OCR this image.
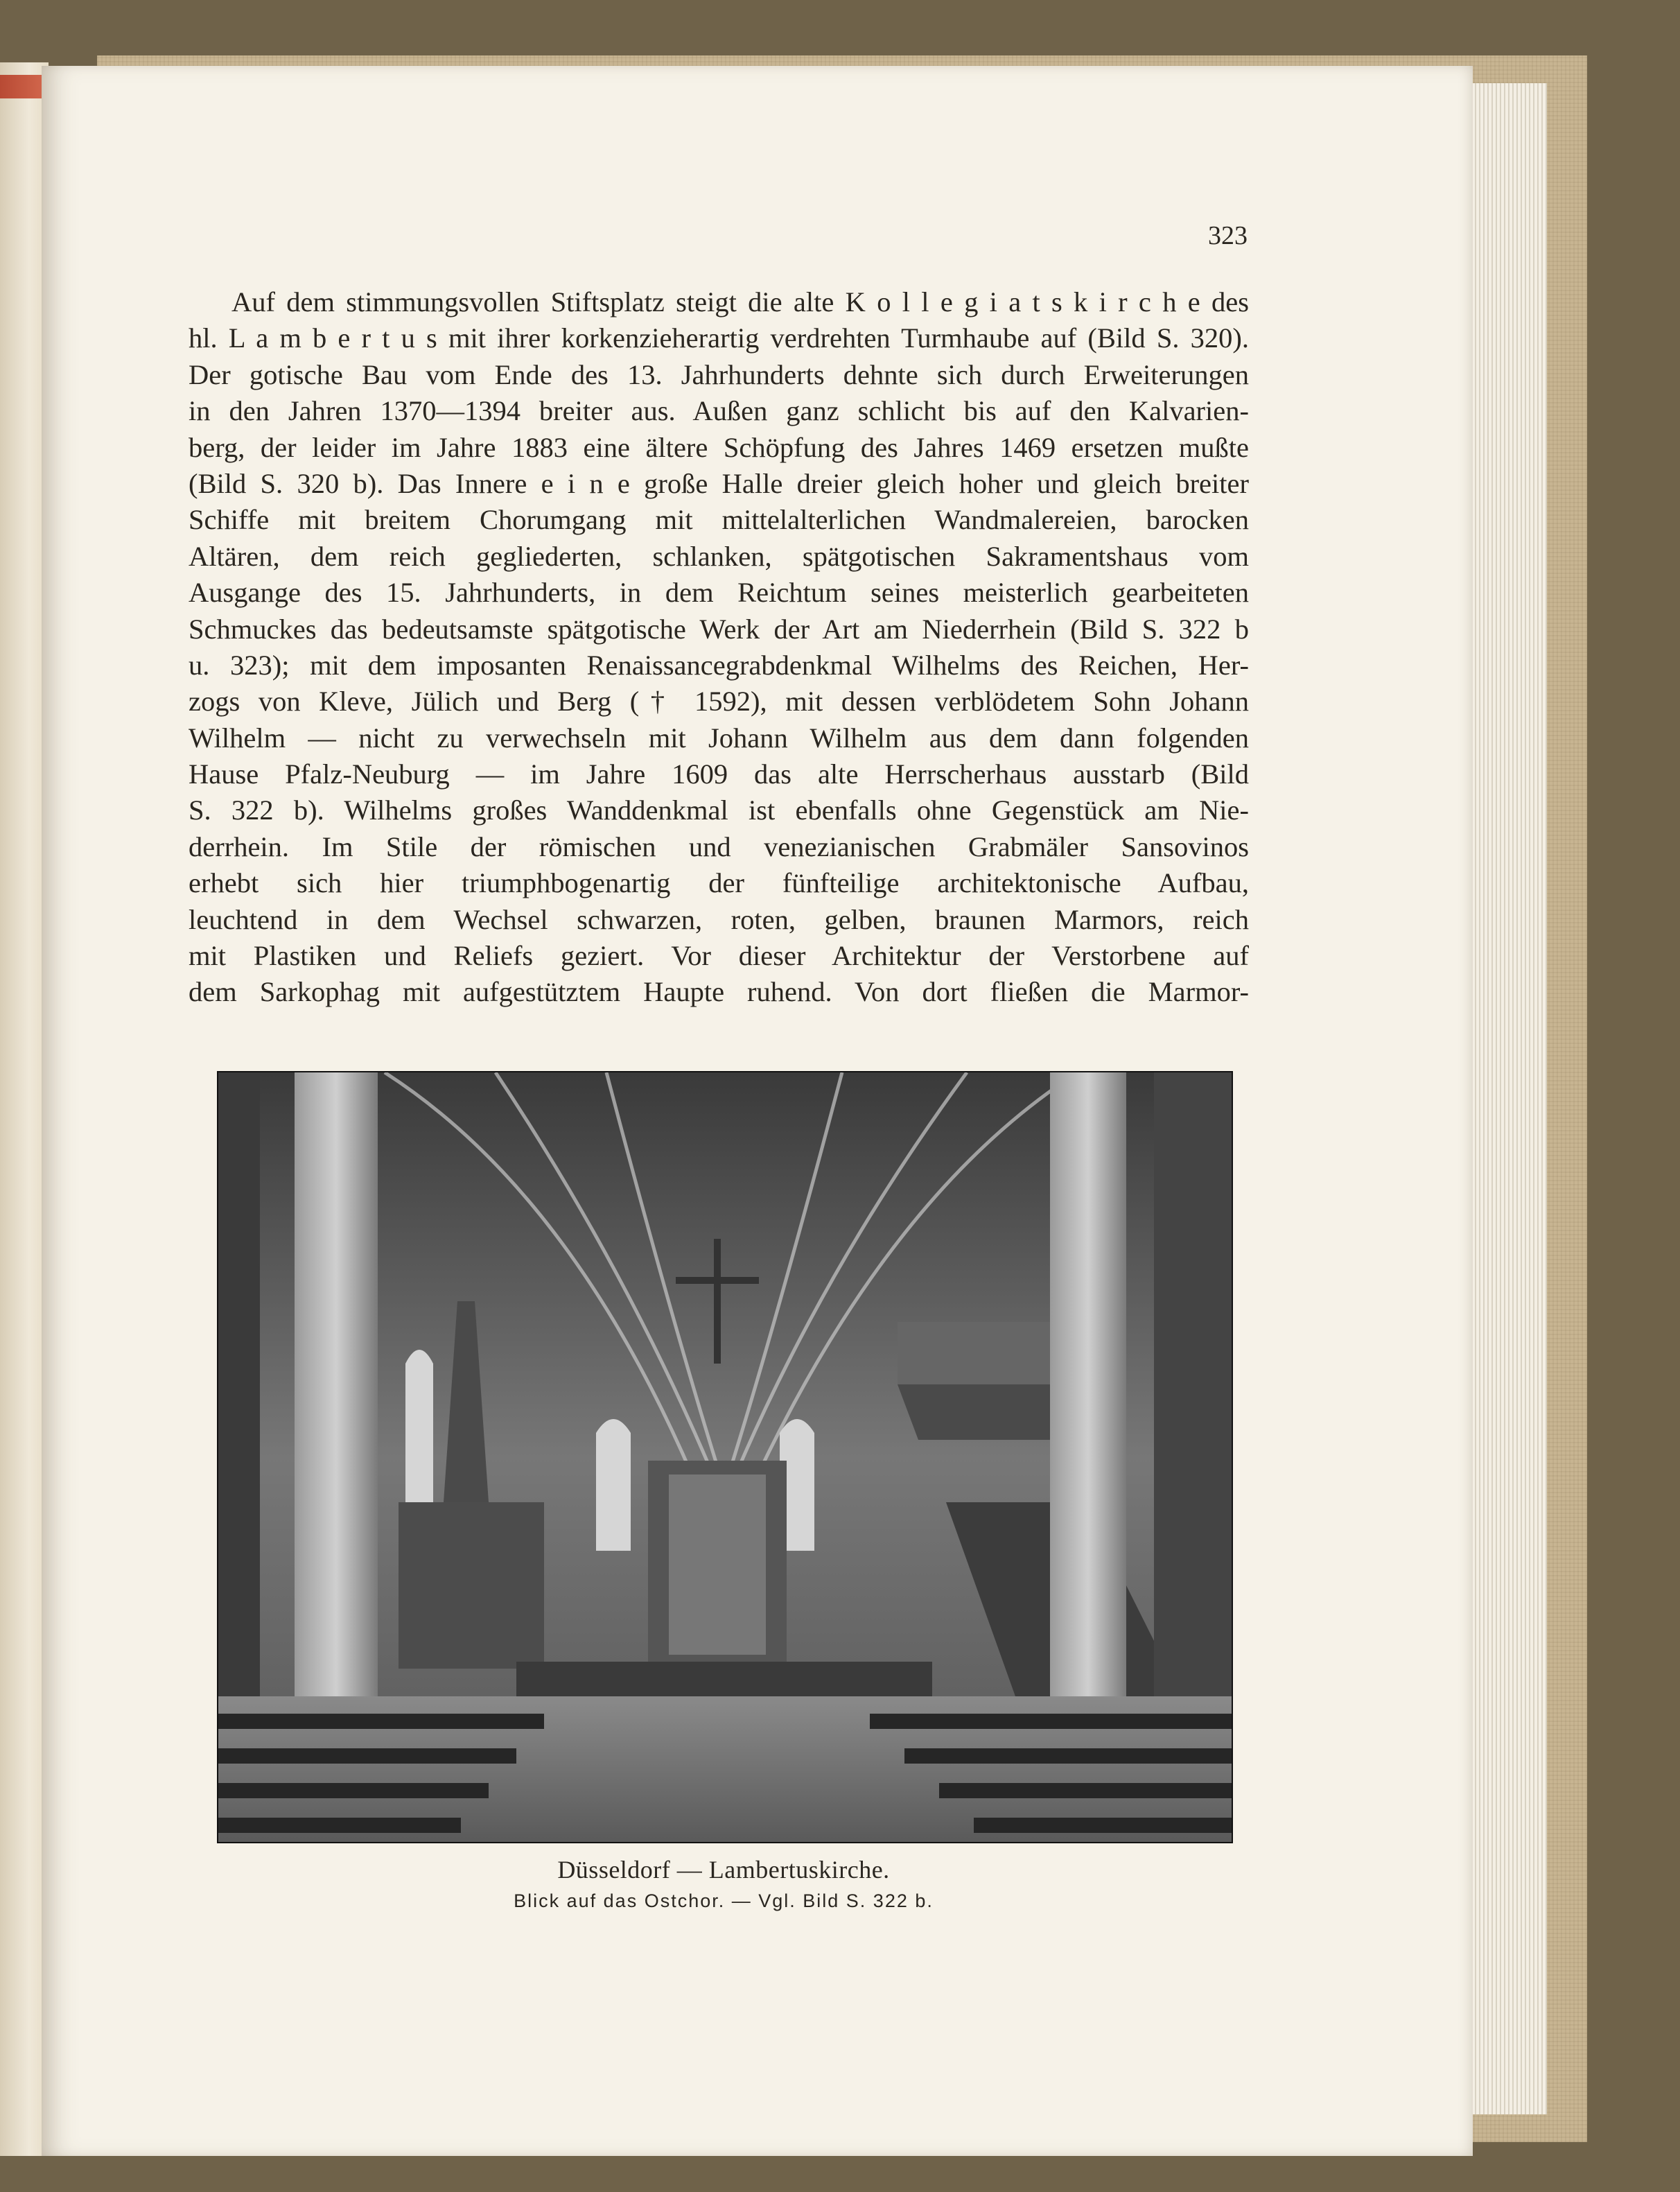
323
Auf dem stimmungsvollen Stiftsplatz steigt die alte K o l l e g i a t s k i r c h e des
hl. L a m b e r t u s mit ihrer korkenzieherartig verdrehten Turmhaube auf (Bild S. 320).
Der gotische Bau vom Ende des 13. Jahrhunderts dehnte sich durch Erweiterungen
in den Jahren 1370—1394 breiter aus. Außen ganz schlicht bis auf den Kalvarien-
berg, der leider im Jahre 1883 eine ältere Schöpfung des Jahres 1469 ersetzen mußte
(Bild S. 320 b). Das Innere e i n e große Halle dreier gleich hoher und gleich breiter
Schiffe mit breitem Chorumgang mit mittelalterlichen Wandmalereien, barocken
Altären, dem reich gegliederten, schlanken, spätgotischen Sakramentshaus vom
Ausgange des 15. Jahrhunderts, in dem Reichtum seines meisterlich gearbeiteten
Schmuckes das bedeutsamste spätgotische Werk der Art am Niederrhein (Bild S. 322 b
u. 323); mit dem imposanten Renaissancegrabdenkmal Wilhelms des Reichen, Her-
zogs von Kleve, Jülich und Berg († 1592), mit dessen verblödetem Sohn Johann
Wilhelm — nicht zu verwechseln mit Johann Wilhelm aus dem dann folgenden
Hause Pfalz-Neuburg — im Jahre 1609 das alte Herrscherhaus ausstarb (Bild
S. 322 b). Wilhelms großes Wanddenkmal ist ebenfalls ohne Gegenstück am Nie-
derrhein. Im Stile der römischen und venezianischen Grabmäler Sansovinos
erhebt sich hier triumphbogenartig der fünfteilige architektonische Aufbau,
leuchtend in dem Wechsel schwarzen, roten, gelben, braunen Marmors, reich
mit Plastiken und Reliefs geziert. Vor dieser Architektur der Verstorbene auf
dem Sarkophag mit aufgestütztem Haupte ruhend. Von dort fließen die Marmor-
Düsseldorf — Lambertuskirche.
Blick auf das Ostchor. — Vgl. Bild S. 322 b.
